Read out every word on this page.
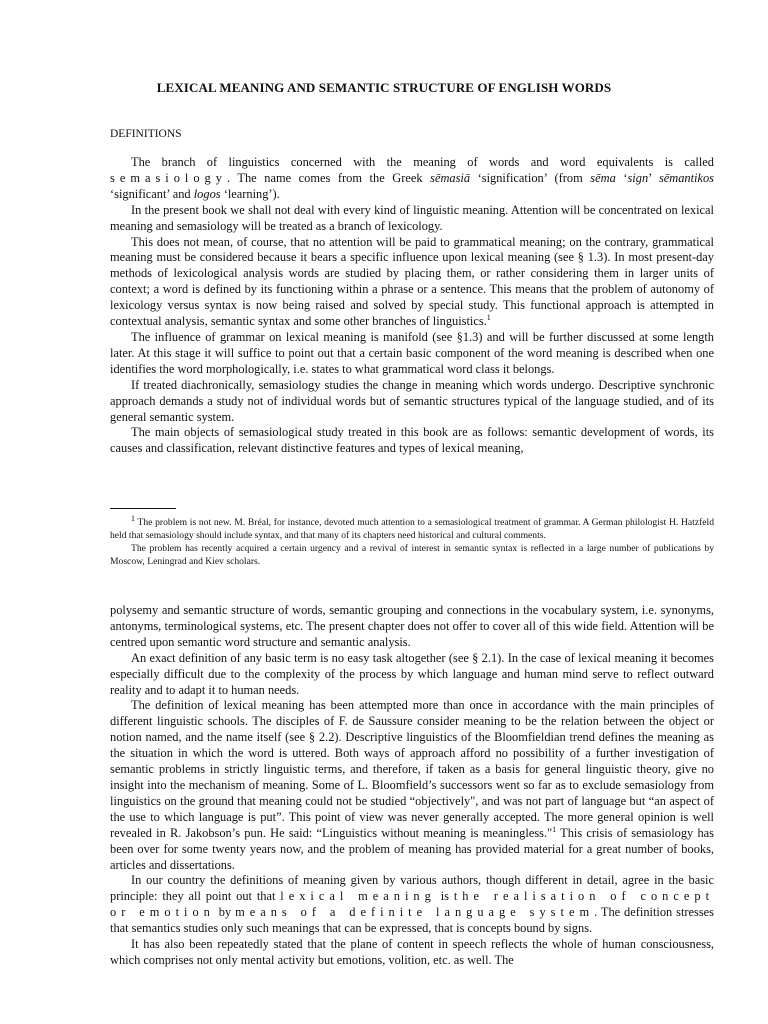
LEXICAL MEANING AND SEMANTIC STRUCTURE OF ENGLISH WORDS
DEFINITIONS

The branch of linguistics concerned with the meaning of words and word equivalents is called semasiology. The name comes from the Greek sēmasiā ‘signification’ (from sēma ‘sign’ sēmantikos ‘significant’ and logos ‘learning’).

In the present book we shall not deal with every kind of linguistic meaning. Attention will be concentrated on lexical meaning and semasiology will be treated as a branch of lexicology.

This does not mean, of course, that no attention will be paid to grammatical meaning; on the contrary, grammatical meaning must be considered because it bears a specific influence upon lexical meaning (see § 1.3). In most present-day methods of lexicological analysis words are studied by placing them, or rather considering them in larger units of context; a word is defined by its functioning within a phrase or a sentence. This means that the problem of autonomy of lexicology versus syntax is now being raised and solved by special study. This functional approach is attempted in contextual analysis, semantic syntax and some other branches of linguistics.$^1$

The influence of grammar on lexical meaning is manifold (see §1.3) and will be further discussed at some length later. At this stage it will suffice to point out that a certain basic component of the word meaning is described when one identifies the word morphologically, i.e. states to what grammatical word class it belongs.

If treated diachronically, semasiology studies the change in meaning which words undergo. Descriptive synchronic approach demands a study not of individual words but of semantic structures typical of the language studied, and of its general semantic system.

The main objects of semasiological study treated in this book are as follows: semantic development of words, its causes and classification, relevant distinctive features and types of lexical meaning,

$^1$ The problem is not new. M. Bréal, for instance, devoted much attention to a semasiological treatment of grammar. A German philologist H. Hatzfeld held that semasiology should include syntax, and that many of its chapters need historical and cultural comments.

The problem has recently acquired a certain urgency and a revival of interest in semantic syntax is reflected in a large number of publications by Moscow, Leningrad and Kiev scholars.

polysemy and semantic structure of words, semantic grouping and connections in the vocabulary system, i.e. synonyms, antonyms, terminological systems, etc. The present chapter does not offer to cover all of this wide field. Attention will be centred upon semantic word structure and semantic analysis.

An exact definition of any basic term is no easy task altogether (see § 2.1). In the case of lexical meaning it becomes especially difficult due to the complexity of the process by which language and human mind serve to reflect outward reality and to adapt it to human needs.

The definition of lexical meaning has been attempted more than once in accordance with the main principles of different linguistic schools. The disciples of F. de Saussure consider meaning to be the relation between the object or notion named, and the name itself (see § 2.2). Descriptive linguistics of the Bloomfieldian trend defines the meaning as the situation in which the word is uttered. Both ways of approach afford no possibility of a further investigation of semantic problems in strictly linguistic terms, and therefore, if taken as a basis for general linguistic theory, give no insight into the mechanism of meaning. Some of L. Bloomfield’s successors went so far as to exclude semasiology from linguistics on the ground that meaning could not be studied “objectively", and was not part of language but “an aspect of the use to which language is put”. This point of view was never generally accepted. The more general opinion is well revealed in R. Jakobson’s pun. He said: “Linguistics without meaning is meaningless."$^1$ This crisis of semasiology has been over for some twenty years now, and the problem of meaning has provided material for a great number of books, articles and dissertations.

In our country the definitions of meaning given by various authors, though different in detail, agree in the basic principle: they all point out that lexical meaning is the realisation of concept or emotion by means of a definite language system. The definition stresses that semantics studies only such meanings that can be expressed, that is concepts bound by signs.

It has also been repeatedly stated that the plane of content in speech reflects the whole of human consciousness, which comprises not only mental activity but emotions, volition, etc. as well. The
